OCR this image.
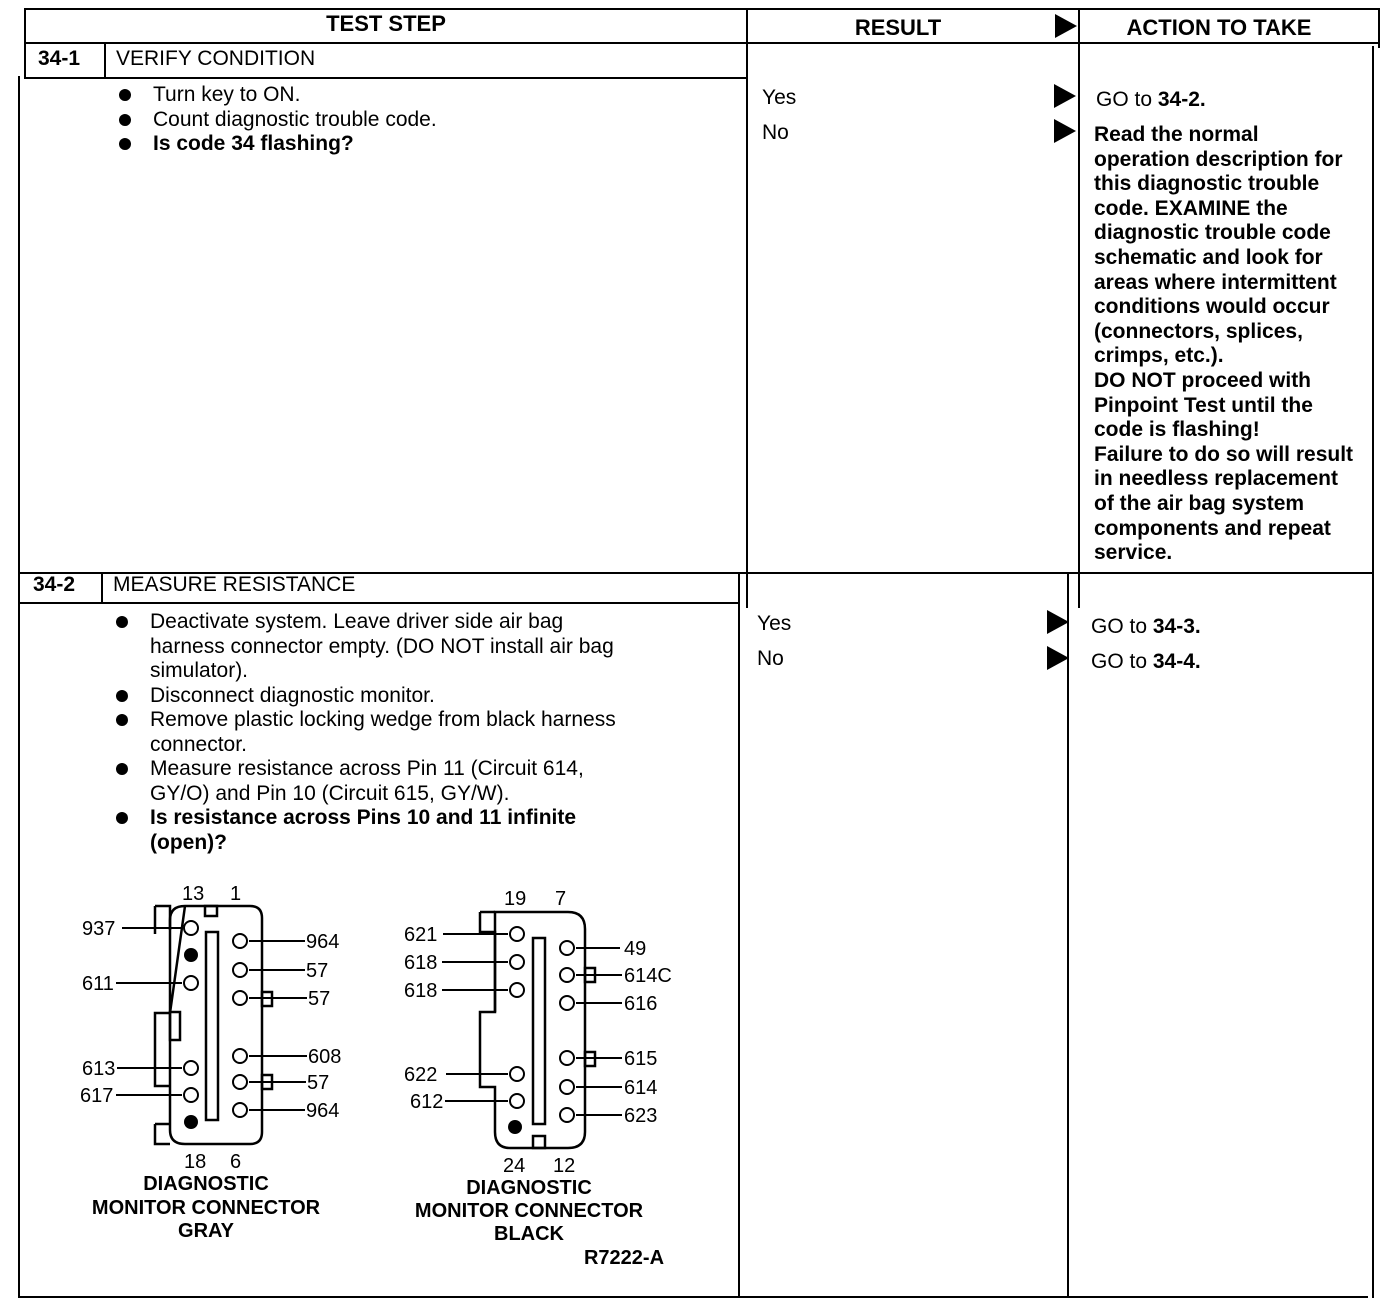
TEST STEP	RESULT	ACTION TO TAKE
34-1 VERIFY CONDITION
Turn key to ON.
Count diagnostic trouble code.
Is code 34 flashing?
Yes
No
GO to 34-2.
Read the normal
operation description for
this diagnostic trouble
code. EXAMINE the
diagnostic trouble code
schematic and look for
areas where intermittent
conditions would occur
(connectors, splices,
crimps, etc.).
DO NOT proceed with
Pinpoint Test until the
code is flashing!
Failure to do so will result
in needless replacement
of the air bag system
components and repeat
service.
34-2 MEASURE RESISTANCE
Deactivate system. Leave driver side air bag
harness connector empty. (DO NOT install air bag
simulator).
Disconnect diagnostic monitor.
Remove plastic locking wedge from black harness
connector.
Measure resistance across Pin 11 (Circuit 614,
GY/O) and Pin 10 (Circuit 615, GY/W).
Is resistance across Pins 10 and 11 infinite
(open)?
Yes
No
GO to 34-3.
GO to 34-4.
13 1
18 6
937
611
613
617
964
57
57
608
57
964
19 7
24 12
621
618
618
622
612
49
614C
616
615
614
623
DIAGNOSTIC
MONITOR CONNECTOR
GRAY
DIAGNOSTIC
MONITOR CONNECTOR
BLACK
R7222-A
